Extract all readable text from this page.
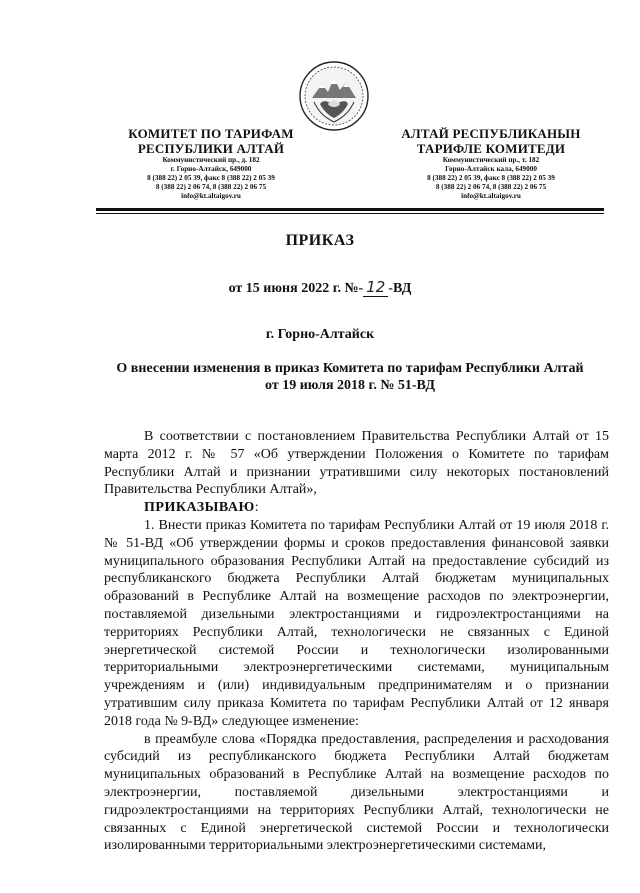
КОМИТЕТ ПО ТАРИФАМ
РЕСПУБЛИКИ АЛТАЙ
Коммунистический пр., д. 182
г. Горно-Алтайск, 649000
8 (388 22) 2 05 39, факс 8 (388 22) 2 05 39
8 (388 22) 2 06 74, 8 (388 22) 2 06 75
info@kt.altaigov.ru
АЛТАЙ РЕСПУБЛИКАНЫН
ТАРИФЛЕ КОМИТЕДИ
Коммунистический пр., т. 182
Горно-Алтайск кала, 649000
8 (388 22) 2 05 39, факс 8 (388 22) 2 05 39
8 (388 22) 2 06 74, 8 (388 22) 2 06 75
info@kt.altaigov.ru
ПРИКАЗ
от 15 июня 2022 г. №- 12 -ВД
г. Горно-Алтайск
О внесении изменения в приказ Комитета по тарифам Республики Алтай
от 19 июля 2018 г. № 51-ВД

В соответствии с постановлением Правительства Республики Алтай от 15 марта 2012 г. № 57 «Об утверждении Положения о Комитете по тарифам Республики Алтай и признании утратившими силу некоторых постановлений Правительства Республики Алтай»,

ПРИКАЗЫВАЮ:

1. Внести приказ Комитета по тарифам Республики Алтай от 19 июля 2018 г. № 51-ВД «Об утверждении формы и сроков предоставления финансовой заявки муниципального образования Республики Алтай на предоставление субсидий из республиканского бюджета Республики Алтай бюджетам муниципальных образований в Республике Алтай на возмещение расходов по электроэнергии, поставляемой дизельными электростанциями и гидроэлектростанциями на территориях Республики Алтай, технологически не связанных с Единой энергетической системой России и технологически изолированными территориальными электроэнергетическими системами, муниципальным учреждениям и (или) индивидуальным предпринимателям и о признании утратившим силу приказа Комитета по тарифам Республики Алтай от 12 января 2018 года № 9-ВД» следующее изменение:

в преамбуле слова «Порядка предоставления, распределения и расходования субсидий из республиканского бюджета Республики Алтай бюджетам муниципальных образований в Республике Алтай на возмещение расходов по электроэнергии, поставляемой дизельными электростанциями и гидроэлектростанциями на территориях Республики Алтай, технологически не связанных с Единой энергетической системой России и технологически изолированными территориальными электроэнергетическими системами,
